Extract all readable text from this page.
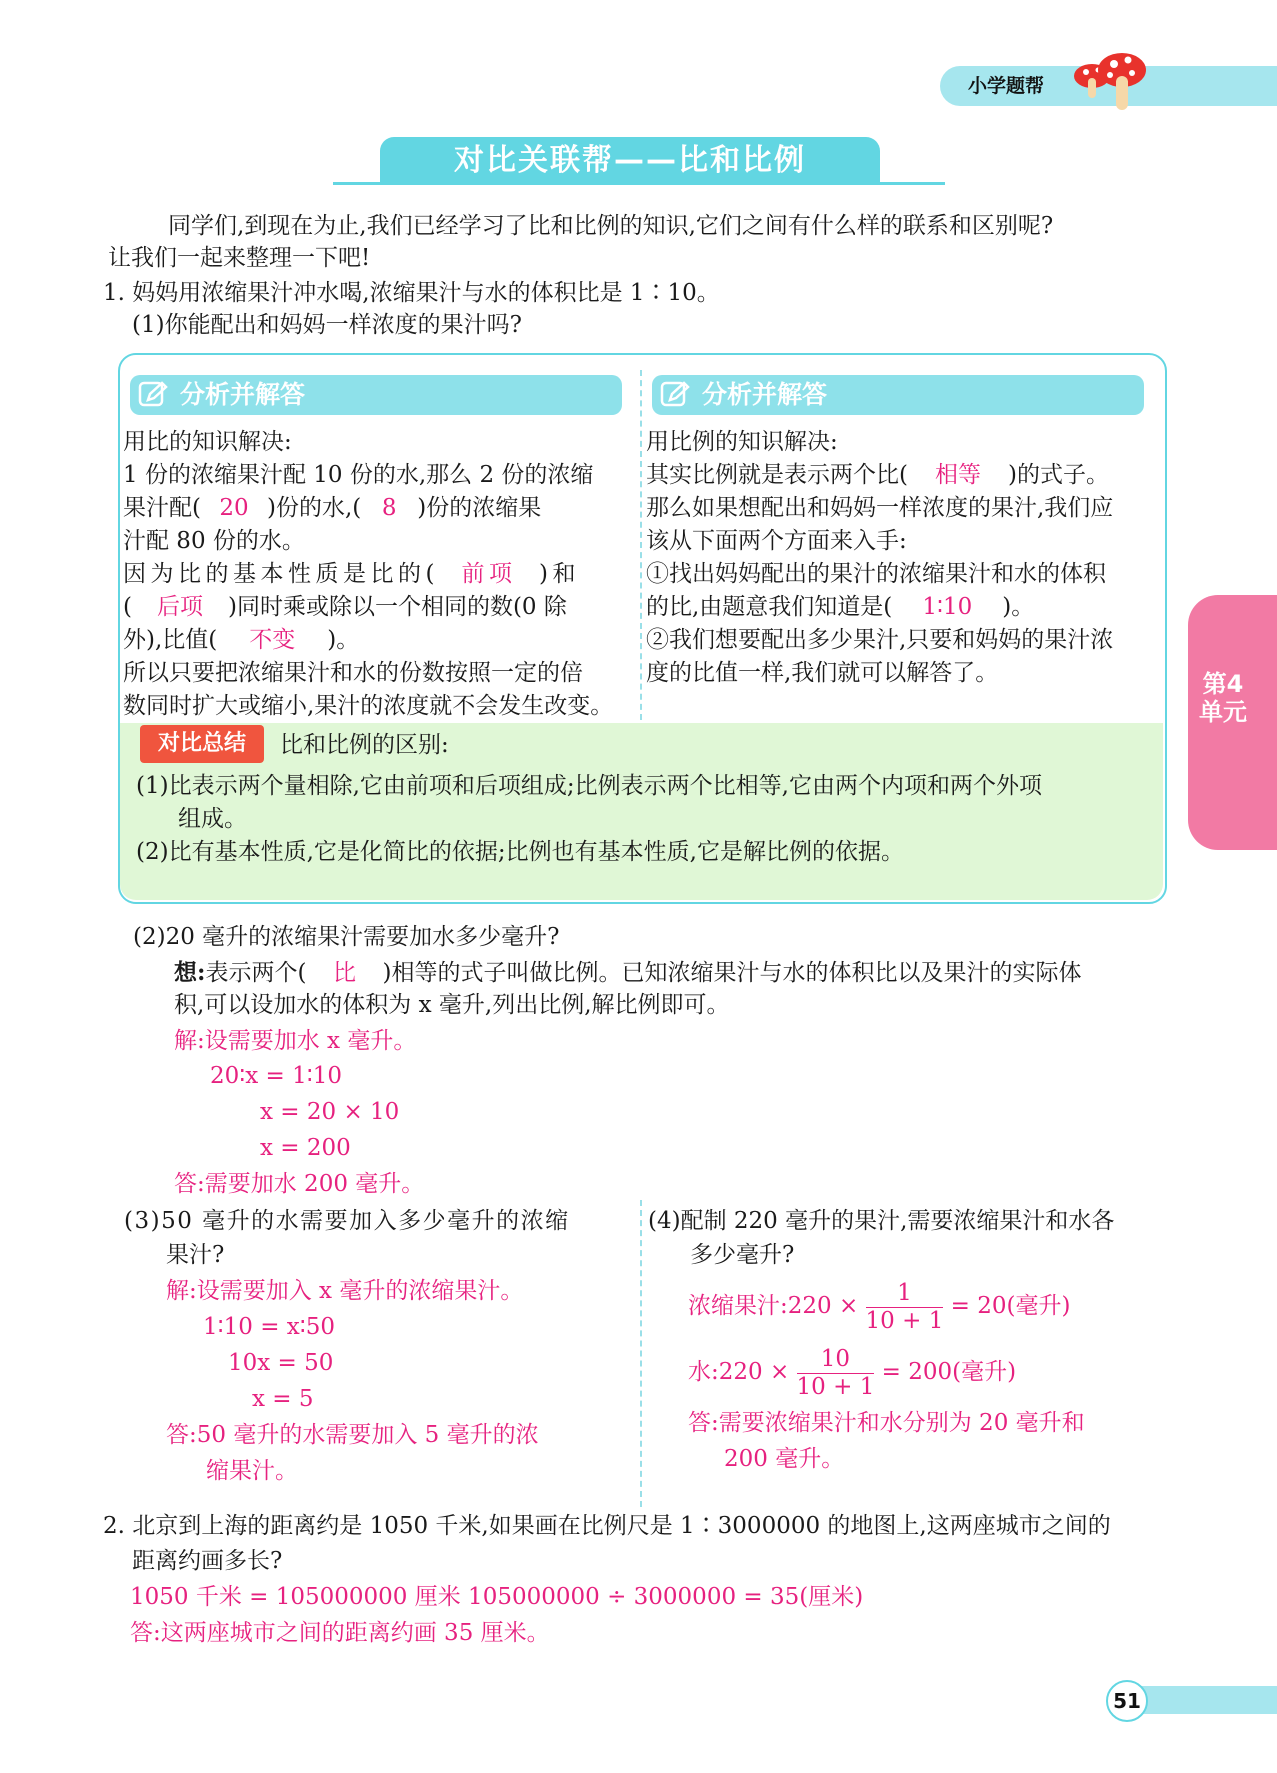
小学题帮
对比关联帮——比和比例
第4单元
同学们,到现在为止,我们已经学习了比和比例的知识,它们之间有什么样的联系和区别呢?
让我们一起来整理一下吧!
1. 妈妈用浓缩果汁冲水喝,浓缩果汁与水的体积比是 1∶10。
(1)你能配出和妈妈一样浓度的果汁吗?
分析并解答	分析并解答
用比的知识解决:
1 份的浓缩果汁配 10 份的水,那么 2 份的浓缩
果汁配( 20 )份的水,( 8 )份的浓缩果
汁配 80 份的水。
因为比的基本性质是比的( 前项 )和
( 后项 )同时乘或除以一个相同的数(0 除
外),比值( 不变 )。
所以只要把浓缩果汁和水的份数按照一定的倍
数同时扩大或缩小,果汁的浓度就不会发生改变。
用比例的知识解决:
其实比例就是表示两个比( 相等 )的式子。
那么如果想配出和妈妈一样浓度的果汁,我们应
该从下面两个方面来入手:
①找出妈妈配出的果汁的浓缩果汁和水的体积
的比,由题意我们知道是( 1∶10 )。
②我们想要配出多少果汁,只要和妈妈的果汁浓
度的比值一样,我们就可以解答了。
对比总结	比和比例的区别:
(1)比表示两个量相除,它由前项和后项组成;比例表示两个比相等,它由两个内项和两个外项
组成。
(2)比有基本性质,它是化简比的依据;比例也有基本性质,它是解比例的依据。
(2)20 毫升的浓缩果汁需要加水多少毫升?
想:表示两个( 比 )相等的式子叫做比例。已知浓缩果汁与水的体积比以及果汁的实际体
积,可以设加水的体积为 x 毫升,列出比例,解比例即可。
解:设需要加水 x 毫升。
20∶x = 1∶10
x = 20 × 10
x = 200
答:需要加水 200 毫升。
(3)50 毫升的水需要加入多少毫升的浓缩
果汁?
解:设需要加入 x 毫升的浓缩果汁。
1∶10 = x∶50
10x = 50
x = 5
答:50 毫升的水需要加入 5 毫升的浓
缩果汁。
(4)配制 220 毫升的果汁,需要浓缩果汁和水各
多少毫升?
浓缩果汁:220 × $\frac{1}{10 + 1} = 20$(毫升)
水:220 × $\frac{10}{10 + 1} = 200$(毫升)
答:需要浓缩果汁和水分别为 20 毫升和
200 毫升。
2. 北京到上海的距离约是 1050 千米,如果画在比例尺是 1∶3000000 的地图上,这两座城市之间的
距离约画多长?
1050 千米 = 105000000 厘米 105000000 ÷ 3000000 = 35(厘米)
答:这两座城市之间的距离约画 35 厘米。
51
